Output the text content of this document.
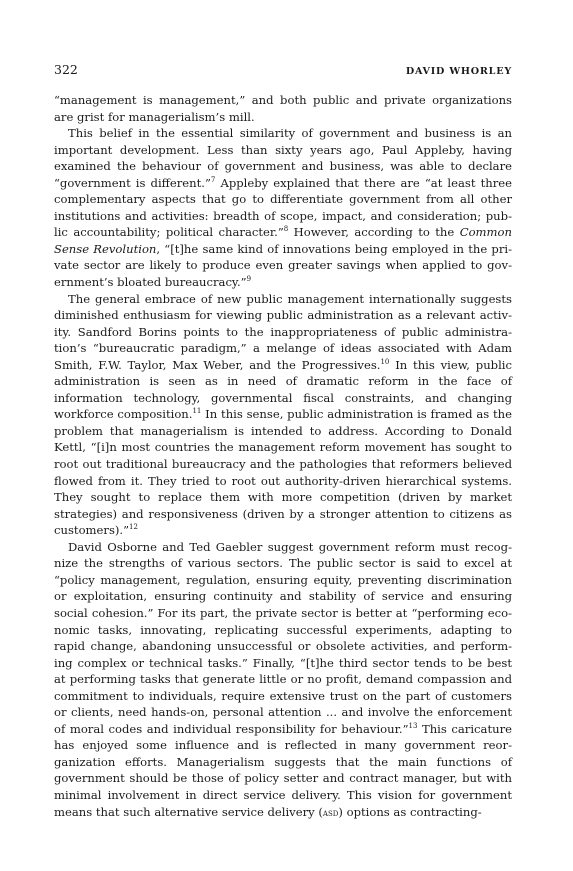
322	DAVID WHORLEY

“management is management,” and both public and private organizations are grist for managerialism’s mill.

This belief in the essential similarity of government and business is an important development. Less than sixty years ago, Paul Appleby, having examined the behaviour of government and business, was able to declare “government is different.”$^7$ Appleby explained that there are “at least three complementary aspects that go to differentiate government from all other institutions and activities: breadth of scope, impact, and consideration; public accountability; political character.”$^8$ However, according to the Common Sense Revolution, “[t]he same kind of innovations being employed in the private sector are likely to produce even greater savings when applied to government’s bloated bureaucracy.”$^9$

The general embrace of new public management internationally suggests diminished enthusiasm for viewing public administration as a relevant activity. Sandford Borins points to the inappropriateness of public administration’s “bureaucratic paradigm,” a melange of ideas associated with Adam Smith, F.W. Taylor, Max Weber, and the Progressives.$^{10}$ In this view, public administration is seen as in need of dramatic reform in the face of information technology, governmental fiscal constraints, and changing workforce composition.$^{11}$ In this sense, public administration is framed as the problem that managerialism is intended to address. According to Donald Kettl, “[i]n most countries the management reform movement has sought to root out traditional bureaucracy and the pathologies that reformers believed flowed from it. They tried to root out authority-driven hierarchical systems. They sought to replace them with more competition (driven by market strategies) and responsiveness (driven by a stronger attention to citizens as customers).”$^{12}$

David Osborne and Ted Gaebler suggest government reform must recognize the strengths of various sectors. The public sector is said to excel at “policy management, regulation, ensuring equity, preventing discrimination or exploitation, ensuring continuity and stability of service and ensuring social cohesion.” For its part, the private sector is better at “performing economic tasks, innovating, replicating successful experiments, adapting to rapid change, abandoning unsuccessful or obsolete activities, and performing complex or technical tasks.” Finally, “[t]he third sector tends to be best at performing tasks that generate little or no profit, demand compassion and commitment to individuals, require extensive trust on the part of customers or clients, need hands-on, personal attention ... and involve the enforcement of moral codes and individual responsibility for behaviour.”$^{13}$ This caricature has enjoyed some influence and is reflected in many government reorganization efforts. Managerialism suggests that the main functions of government should be those of policy setter and contract manager, but with minimal involvement in direct service delivery. This vision for government means that such alternative service delivery (asd) options as contracting-
